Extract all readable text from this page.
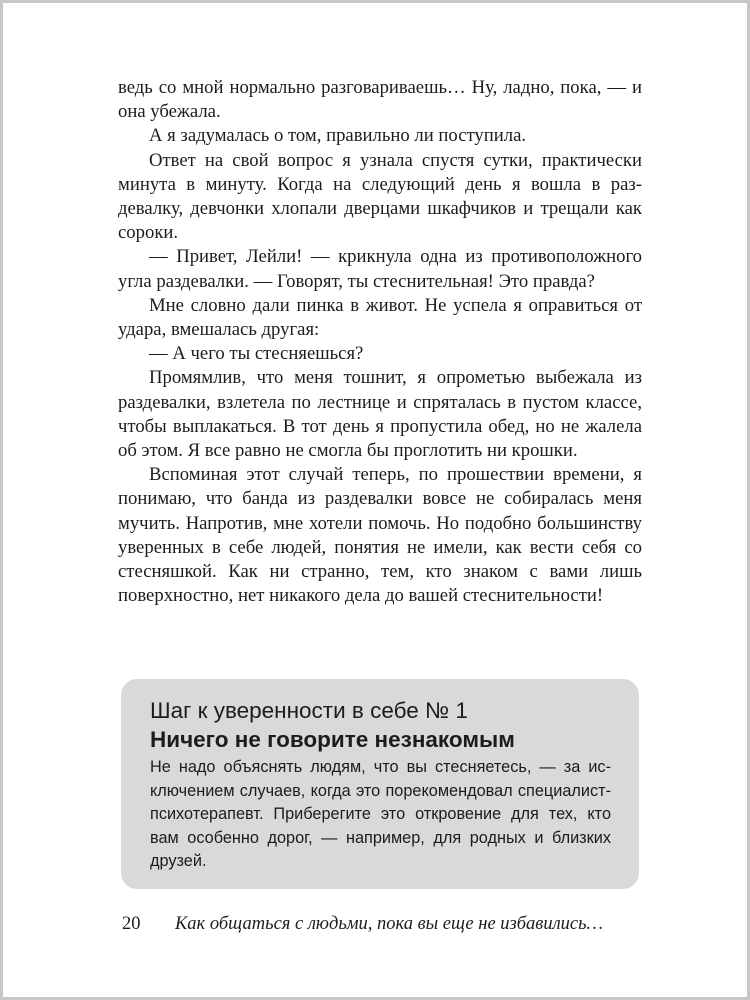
ведь со мной нормально разговариваешь… Ну, ладно, пока, — и она убежала.

А я задумалась о том, правильно ли поступила.

Ответ на свой вопрос я узнала спустя сутки, практически минута в минуту. Когда на следующий день я вошла в раздевалку, девчонки хлопали дверцами шкафчиков и трещали как сороки.

— Привет, Лейли! — крикнула одна из противоположного угла раздевалки. — Говорят, ты стеснительная! Это правда?

Мне словно дали пинка в живот. Не успела я оправиться от удара, вмешалась другая:

— А чего ты стесняешься?

Промямлив, что меня тошнит, я опрометью выбежала из раздевалки, взлетела по лестнице и спряталась в пустом классе, чтобы выплакаться. В тот день я пропустила обед, но не жалела об этом. Я все равно не смогла бы проглотить ни крошки.

Вспоминая этот случай теперь, по прошествии времени, я понимаю, что банда из раздевалки вовсе не собиралась меня мучить. Напротив, мне хотели помочь. Но подобно большинству уверенных в себе людей, понятия не имели, как вести себя со стесняшкой. Как ни странно, тем, кто знаком с вами лишь поверхностно, нет никакого дела до вашей стеснительности!

Шаг к уверенности в себе № 1
Ничего не говорите незнакомым
Не надо объяснять людям, что вы стесняетесь, — за исключением случаев, когда это порекомендовал специалист-психотерапевт. Приберегите это откровение для тех, кто вам особенно дорог, — например, для родных и близких друзей.
20 Как общаться с людьми, пока вы еще не избавились…
